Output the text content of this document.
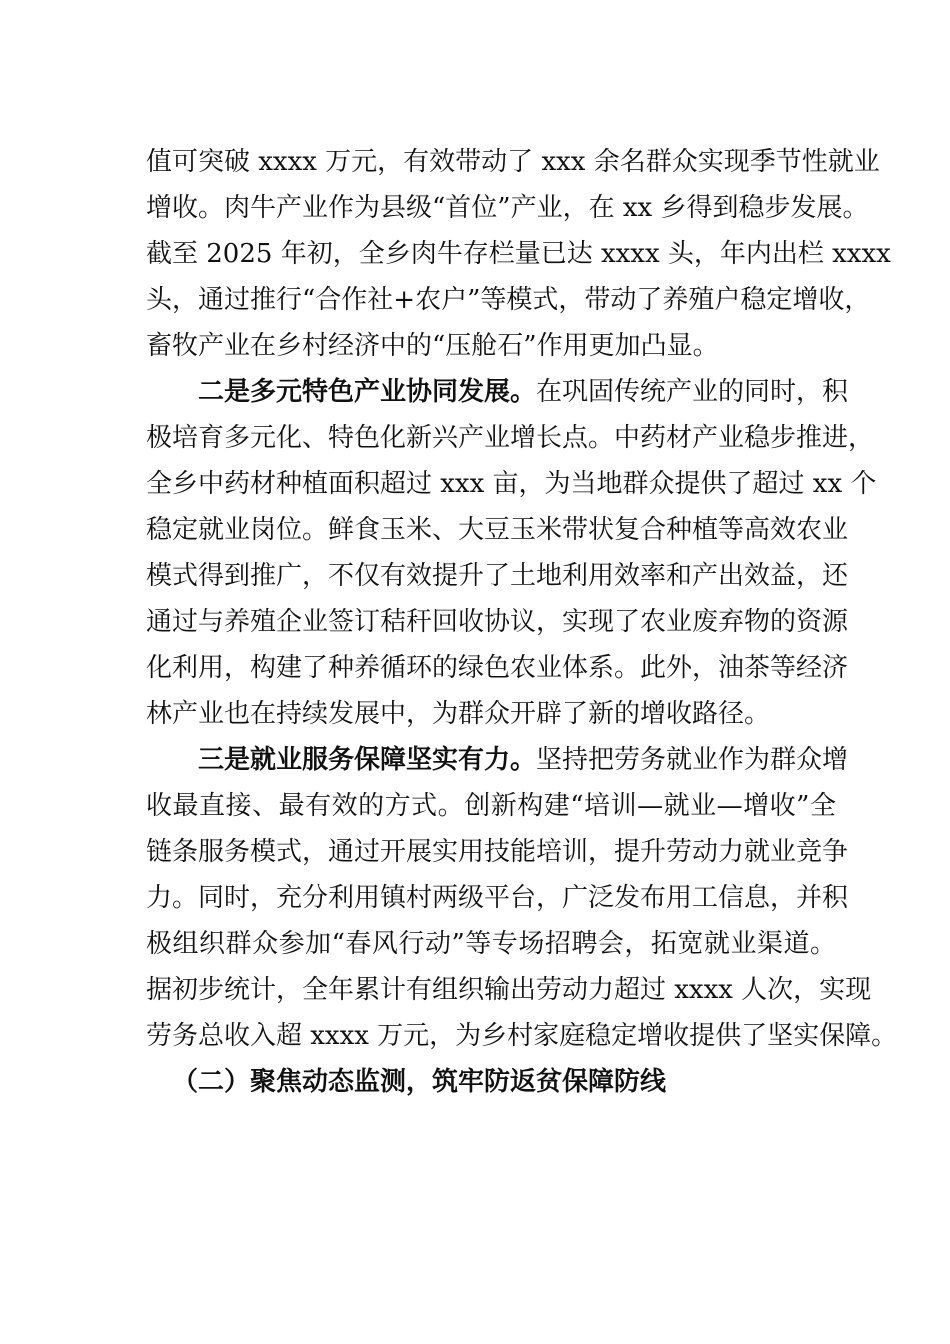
值可突破 xxxx 万元，有效带动了 xxx 余名群众实现季节性就业
增收。肉牛产业作为县级“首位”产业，在 xx 乡得到稳步发展。
截至 2025 年初，全乡肉牛存栏量已达 xxxx 头，年内出栏 xxxx
头，通过推行“合作社+农户”等模式，带动了养殖户稳定增收，
畜牧产业在乡村经济中的“压舱石”作用更加凸显。
二是多元特色产业协同发展。在巩固传统产业的同时，积
极培育多元化、特色化新兴产业增长点。中药材产业稳步推进，
全乡中药材种植面积超过 xxx 亩，为当地群众提供了超过 xx 个
稳定就业岗位。鲜食玉米、大豆玉米带状复合种植等高效农业
模式得到推广，不仅有效提升了土地利用效率和产出效益，还
通过与养殖企业签订秸秆回收协议，实现了农业废弃物的资源
化利用，构建了种养循环的绿色农业体系。此外，油茶等经济
林产业也在持续发展中，为群众开辟了新的增收路径。
三是就业服务保障坚实有力。坚持把劳务就业作为群众增
收最直接、最有效的方式。创新构建“培训—就业—增收”全
链条服务模式，通过开展实用技能培训，提升劳动力就业竞争
力。同时，充分利用镇村两级平台，广泛发布用工信息，并积
极组织群众参加“春风行动”等专场招聘会，拓宽就业渠道。
据初步统计，全年累计有组织输出劳动力超过 xxxx 人次，实现
劳务总收入超 xxxx 万元，为乡村家庭稳定增收提供了坚实保障。
（二）聚焦动态监测，筑牢防返贫保障防线
